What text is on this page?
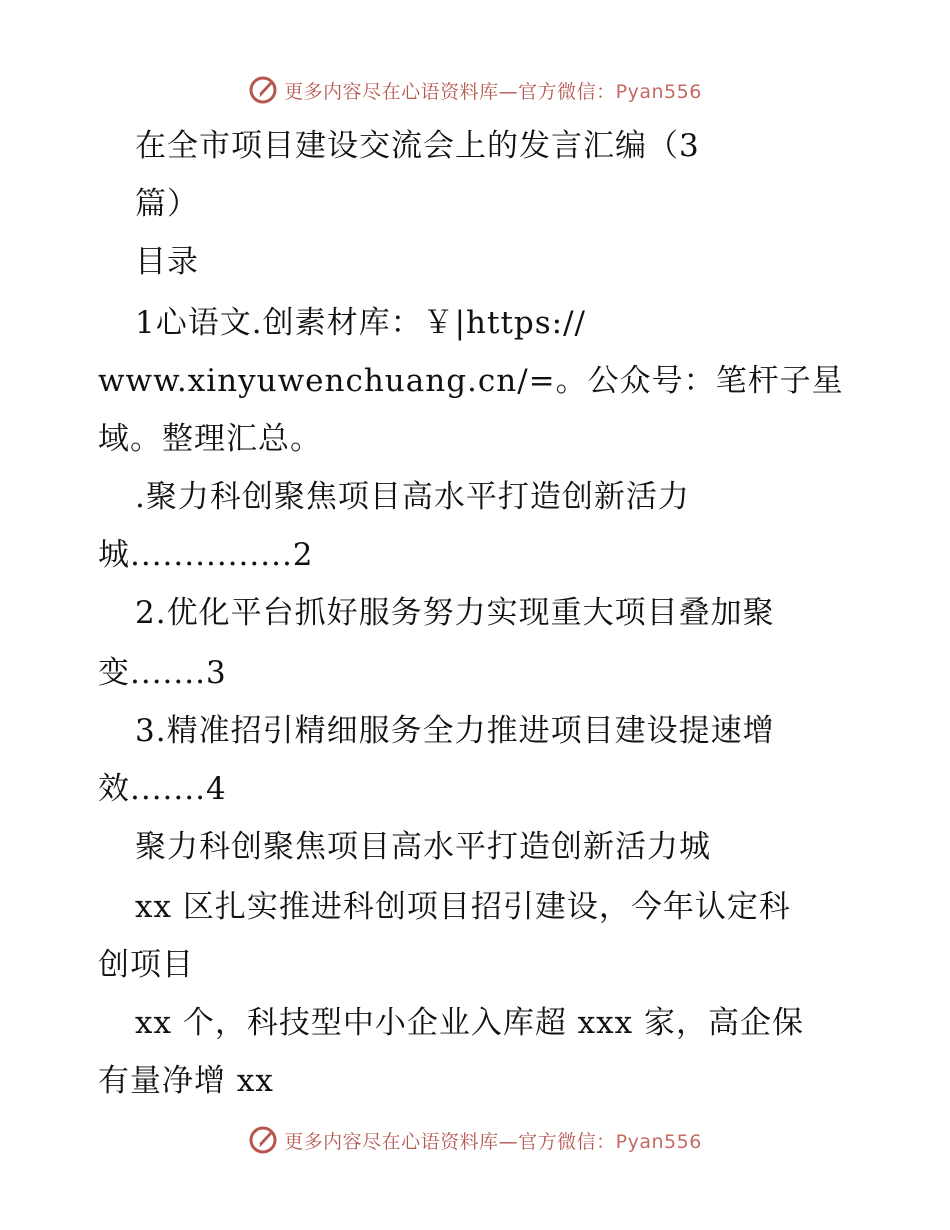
更多内容尽在心语资料库—官方微信：Pyan556
在全市项目建设交流会上的发言汇编（3
篇）
目录
1心语文.创素材库：￥|https://
www.xinyuwenchuang.cn/=。公众号：笔杆子星
域。整理汇总。
.聚力科创聚焦项目高水平打造创新活力
城...............2
2.优化平台抓好服务努力实现重大项目叠加聚
变.......3
3.精准招引精细服务全力推进项目建设提速增
效.......4
聚力科创聚焦项目高水平打造创新活力城
xx 区扎实推进科创项目招引建设，今年认定科
创项目
xx 个，科技型中小企业入库超 xxx 家，高企保
有量净增 xx
更多内容尽在心语资料库—官方微信：Pyan556
